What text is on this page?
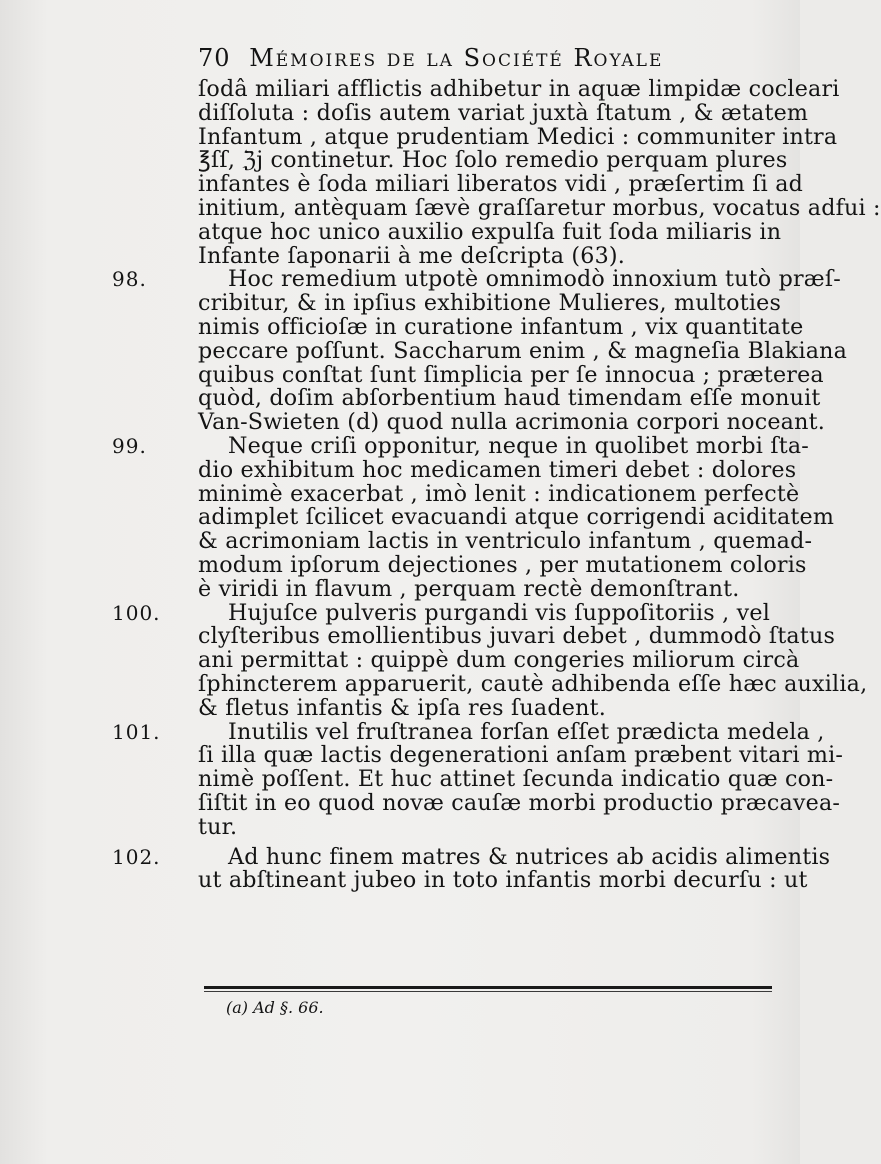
70 Mémoires de la Société Royale
ſodâ miliari afflictis adhibetur in aquæ limpidæ cocleari
diſſoluta : doſis autem variat juxtà ſtatum , & ætatem
Infantum , atque prudentiam Medici : communiter intra
℥ſſ, ℨj continetur. Hoc ſolo remedio perquam plures
infantes è ſoda miliari liberatos vidi , præſertim ſi ad
initium, antèquam ſævè graſſaretur morbus, vocatus adfui :
atque hoc unico auxilio expulſa fuit ſoda miliaris in
Infante ſaponarii à me deſcripta (63).
98.	Hoc remedium utpotè omnimodò innoxium tutò præſ-
cribitur, & in ipſius exhibitione Mulieres, multoties
nimis officioſæ in curatione infantum , vix quantitate
peccare poſſunt. Saccharum enim , & magneſia Blakiana
quibus conſtat ſunt ſimplicia per ſe innocua ; præterea
quòd, doſim abſorbentium haud timendam eſſe monuit
Van-Swieten (d) quod nulla acrimonia corpori noceant.
99.	Neque criſi opponitur, neque in quolibet morbi ſta-
dio exhibitum hoc medicamen timeri debet : dolores
minimè exacerbat , imò lenit : indicationem perfectè
adimplet ſcilicet evacuandi atque corrigendi aciditatem
& acrimoniam lactis in ventriculo infantum , quemad-
modum ipſorum dejectiones , per mutationem coloris
è viridi in flavum , perquam rectè demonſtrant.
100.	Hujuſce pulveris purgandi vis ſuppoſitoriis , vel
clyſteribus emollientibus juvari debet , dummodò ſtatus
ani permittat : quippè dum congeries miliorum circà
ſphincterem apparuerit, cautè adhibenda eſſe hæc auxilia,
& fletus infantis & ipſa res ſuadent.
101.	Inutilis vel fruſtranea forſan eſſet prædicta medela ,
ſi illa quæ lactis degenerationi anſam præbent vitari mi-
nimè poſſent. Et huc attinet ſecunda indicatio quæ con-
ſiſtit in eo quod novæ cauſæ morbi productio præcavea-
tur.
102.	Ad hunc finem matres & nutrices ab acidis alimentis
ut abſtineant jubeo in toto infantis morbi decurſu : ut
(a) Ad §. 66.
